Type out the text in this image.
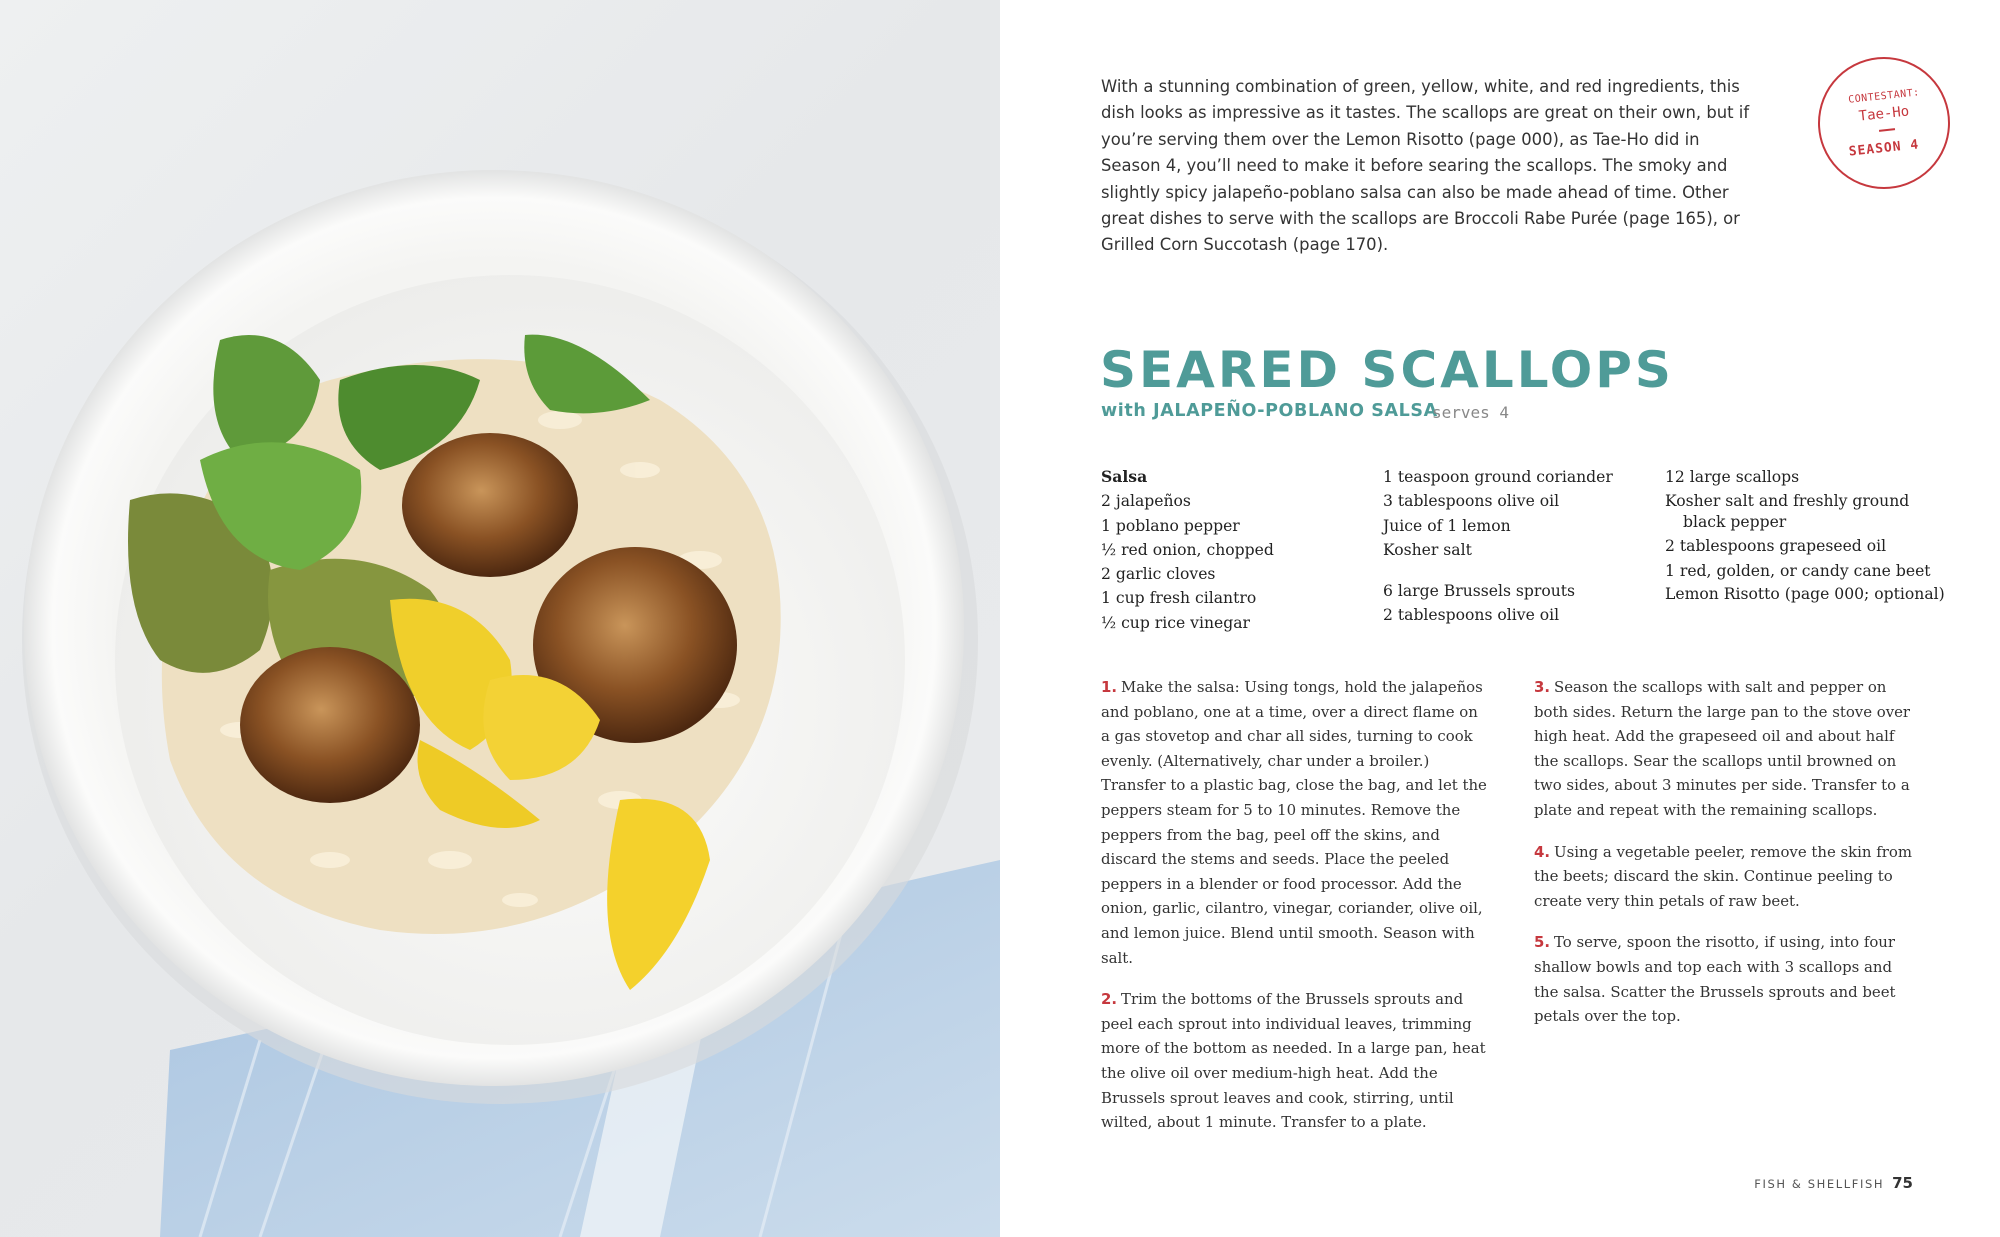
With a stunning combination of green, yellow, white, and red ingredients, this dish looks as impressive as it tastes. The scallops are great on their own, but if you’re serving them over the Lemon Risotto (page 000), as Tae-Ho did in Season 4, you’ll need to make it before searing the scallops. The smoky and slightly spicy jalapeño-poblano salsa can also be made ahead of time. Other great dishes to serve with the scallops are Broccoli Rabe Purée (page 165), or Grilled Corn Succotash (page 170).

CONTESTANT:
Tae-Ho
SEASON 4
SEARED SCALLOPS
with JALAPEÑO-POBLANO SALSA
serves 4
Salsa
2 jalapeños
1 poblano pepper
½ red onion, chopped
2 garlic cloves
1 cup fresh cilantro
½ cup rice vinegar
1 teaspoon ground coriander
3 tablespoons olive oil
Juice of 1 lemon
Kosher salt
6 large Brussels sprouts
2 tablespoons olive oil
12 large scallops
Kosher salt and freshly ground black pepper
2 tablespoons grapeseed oil
1 red, golden, or candy cane beet
Lemon Risotto (page 000; optional)

1. Make the salsa: Using tongs, hold the jalapeños and poblano, one at a time, over a direct flame on a gas stovetop and char all sides, turning to cook evenly. (Alternatively, char under a broiler.) Transfer to a plastic bag, close the bag, and let the peppers steam for 5 to 10 minutes. Remove the peppers from the bag, peel off the skins, and discard the stems and seeds. Place the peeled peppers in a blender or food processor. Add the onion, garlic, cilantro, vinegar, coriander, olive oil, and lemon juice. Blend until smooth. Season with salt.

2. Trim the bottoms of the Brussels sprouts and peel each sprout into individual leaves, trimming more of the bottom as needed. In a large pan, heat the olive oil over medium-high heat. Add the Brussels sprout leaves and cook, stirring, until wilted, about 1 minute. Transfer to a plate.

3. Season the scallops with salt and pepper on both sides. Return the large pan to the stove over high heat. Add the grapeseed oil and about half the scallops. Sear the scallops until browned on two sides, about 3 minutes per side. Transfer to a plate and repeat with the remaining scallops.

4. Using a vegetable peeler, remove the skin from the beets; discard the skin. Continue peeling to create very thin petals of raw beet.

5. To serve, spoon the risotto, if using, into four shallow bowls and top each with 3 scallops and the salsa. Scatter the Brussels sprouts and beet petals over the top.

FISH & SHELLFISH 75
